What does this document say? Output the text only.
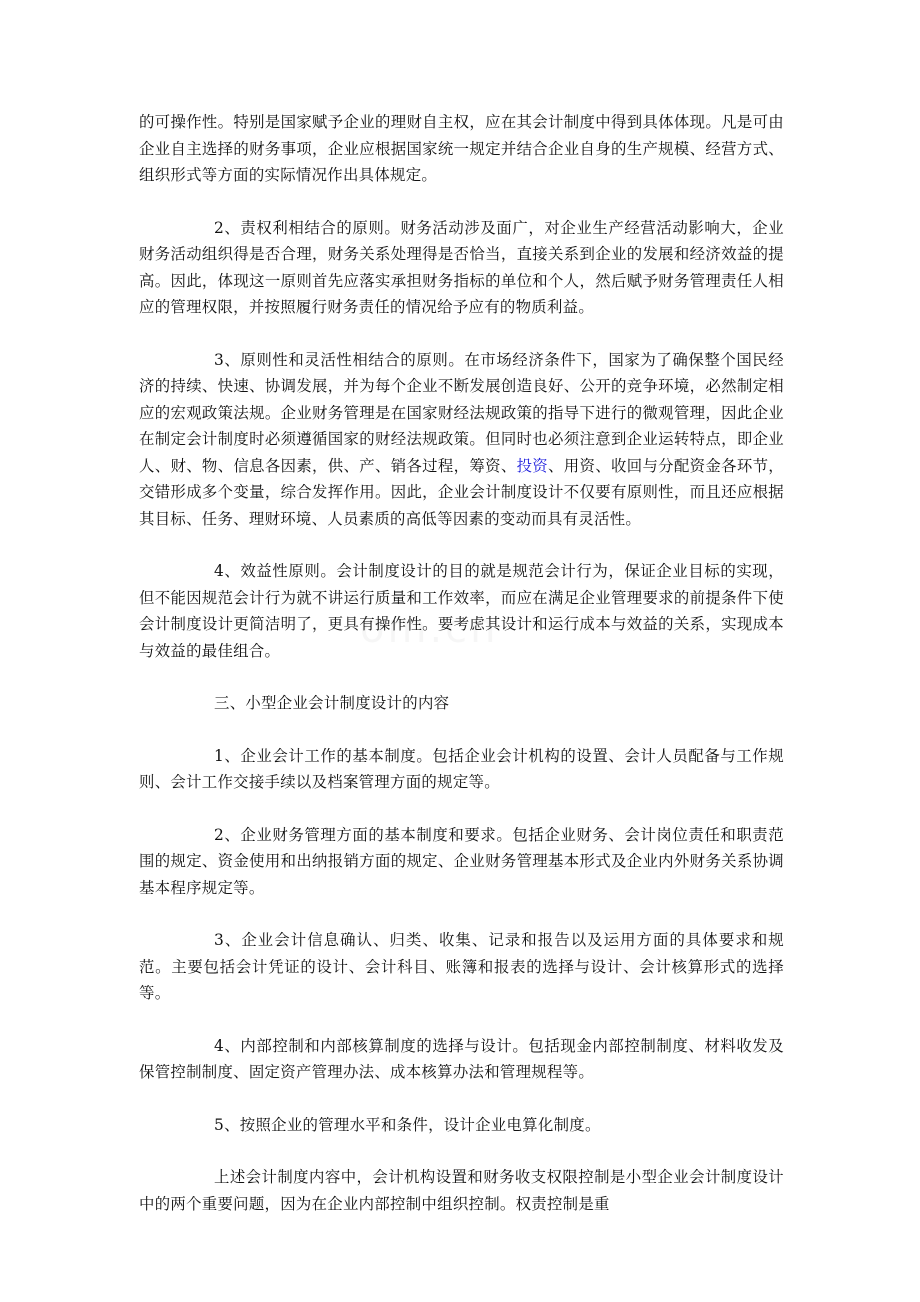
的可操作性。特别是国家赋予企业的理财自主权，应在其会计制度中得到具体体现。凡是可由企业自主选择的财务事项，企业应根据国家统一规定并结合企业自身的生产规模、经营方式、组织形式等方面的实际情况作出具体规定。

2、责权利相结合的原则。财务活动涉及面广，对企业生产经营活动影响大，企业财务活动组织得是否合理，财务关系处理得是否恰当，直接关系到企业的发展和经济效益的提高。因此，体现这一原则首先应落实承担财务指标的单位和个人，然后赋予财务管理责任人相应的管理权限，并按照履行财务责任的情况给予应有的物质利益。

3、原则性和灵活性相结合的原则。在市场经济条件下，国家为了确保整个国民经济的持续、快速、协调发展，并为每个企业不断发展创造良好、公开的竞争环境，必然制定相应的宏观政策法规。企业财务管理是在国家财经法规政策的指导下进行的微观管理，因此企业在制定会计制度时必须遵循国家的财经法规政策。但同时也必须注意到企业运转特点，即企业人、财、物、信息各因素，供、产、销各过程，筹资、投资、用资、收回与分配资金各环节，交错形成多个变量，综合发挥作用。因此，企业会计制度设计不仅要有原则性，而且还应根据其目标、任务、理财环境、人员素质的高低等因素的变动而具有灵活性。

4、效益性原则。会计制度设计的目的就是规范会计行为，保证企业目标的实现，但不能因规范会计行为就不讲运行质量和工作效率，而应在满足企业管理要求的前提条件下使会计制度设计更简洁明了，更具有操作性。要考虑其设计和运行成本与效益的关系，实现成本与效益的最佳组合。

三、小型企业会计制度设计的内容

1、企业会计工作的基本制度。包括企业会计机构的设置、会计人员配备与工作规则、会计工作交接手续以及档案管理方面的规定等。

2、企业财务管理方面的基本制度和要求。包括企业财务、会计岗位责任和职责范围的规定、资金使用和出纳报销方面的规定、企业财务管理基本形式及企业内外财务关系协调基本程序规定等。

3、企业会计信息确认、归类、收集、记录和报告以及运用方面的具体要求和规范。主要包括会计凭证的设计、会计科目、账簿和报表的选择与设计、会计核算形式的选择等。

4、内部控制和内部核算制度的选择与设计。包括现金内部控制制度、材料收发及保管控制制度、固定资产管理办法、成本核算办法和管理规程等。

5、按照企业的管理水平和条件，设计企业电算化制度。

上述会计制度内容中，会计机构设置和财务收支权限控制是小型企业会计制度设计中的两个重要问题，因为在企业内部控制中组织控制。权责控制是重
